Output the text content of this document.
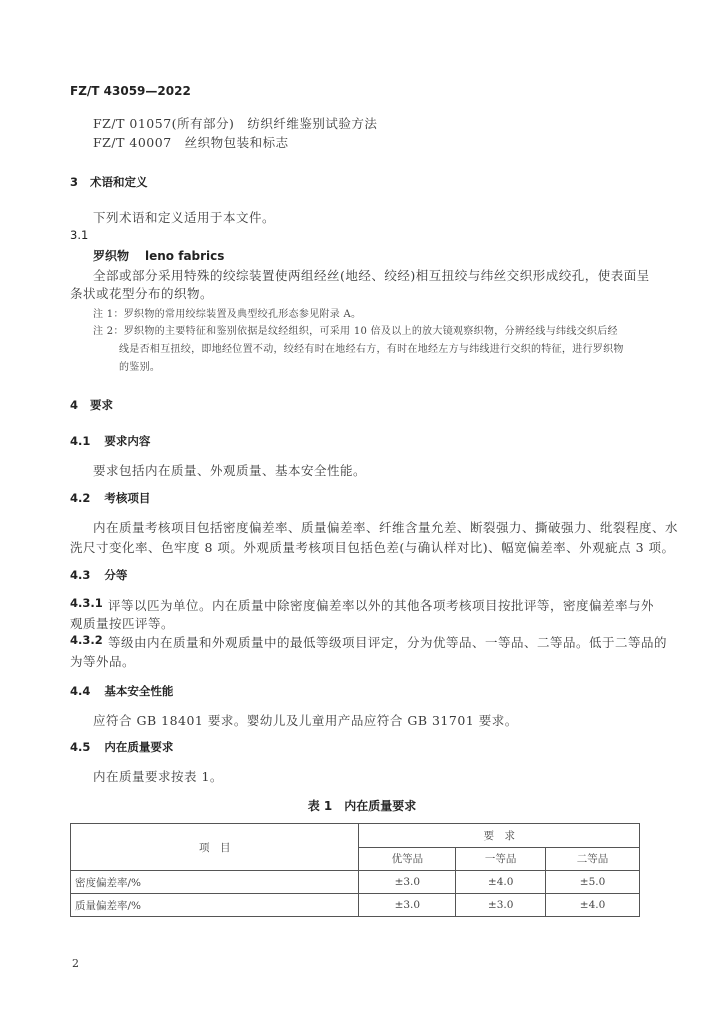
FZ/T 43059—2022
FZ/T 01057(所有部分)　纺织纤维鉴别试验方法
FZ/T 40007　丝织物包装和标志
3 术语和定义
下列术语和定义适用于本文件。
3.1
罗织物 leno fabrics
全部或部分采用特殊的绞综装置使两组经丝(地经、绞经)相互扭绞与纬丝交织形成绞孔，使表面呈
条状或花型分布的织物。
注 1：罗织物的常用绞综装置及典型绞孔形态参见附录 A。
注 2：罗织物的主要特征和鉴别依据是纹经组织，可采用 10 倍及以上的放大镜观察织物，分辨经线与纬线交织后经
线是否相互扭绞，即地经位置不动，绞经有时在地经右方，有时在地经左方与纬线进行交织的特征，进行罗织物
的鉴别。
4 要求
4.1 要求内容
要求包括内在质量、外观质量、基本安全性能。
4.2 考核项目
内在质量考核项目包括密度偏差率、质量偏差率、纤维含量允差、断裂强力、撕破强力、纰裂程度、水
洗尺寸变化率、色牢度 8 项。外观质量考核项目包括色差(与确认样对比)、幅宽偏差率、外观疵点 3 项。
4.3 分等
4.3.1 评等以匹为单位。内在质量中除密度偏差率以外的其他各项考核项目按批评等，密度偏差率与外
观质量按匹评等。
4.3.2 等级由内在质量和外观质量中的最低等级项目评定，分为优等品、一等品、二等品。低于二等品的
为等外品。
4.4 基本安全性能
应符合 GB 18401 要求。婴幼儿及儿童用产品应符合 GB 31701 要求。
4.5 内在质量要求
内在质量要求按表 1。
表 1　内在质量要求
项　目	要　求		
	优等品	一等品	二等品
密度偏差率/%	±3.0	±4.0	±5.0
质量偏差率/%	±3.0	±3.0	±4.0
2
